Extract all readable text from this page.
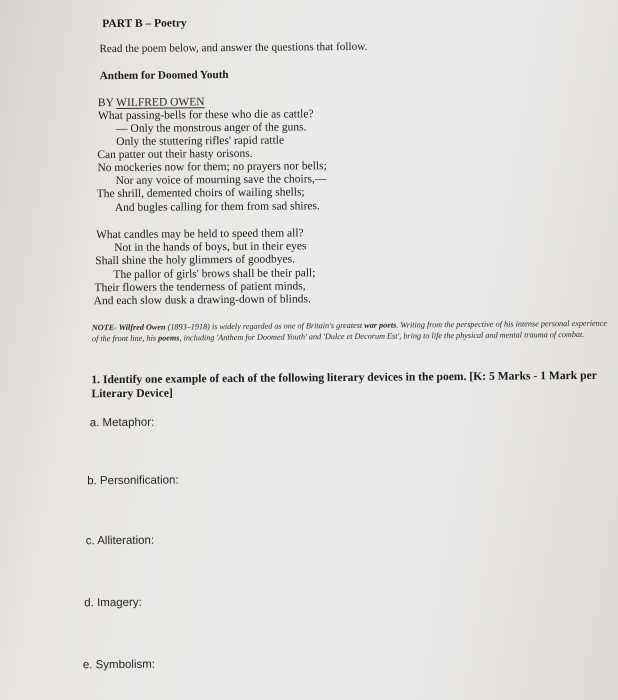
PART B – Poetry
Read the poem below, and answer the questions that follow.
Anthem for Doomed Youth
BY WILFRED OWEN
What passing-bells for these who die as cattle?
— Only the monstrous anger of the guns.
Only the stuttering rifles' rapid rattle
Can patter out their hasty orisons.
No mockeries now for them; no prayers nor bells;
Nor any voice of mourning save the choirs,—
The shrill, demented choirs of wailing shells;
And bugles calling for them from sad shires.
What candles may be held to speed them all?
Not in the hands of boys, but in their eyes
Shall shine the holy glimmers of goodbyes.
The pallor of girls' brows shall be their pall;
Their flowers the tenderness of patient minds,
And each slow dusk a drawing-down of blinds.
NOTE- Wilfred Owen (1893–1918) is widely regarded as one of Britain's greatest war poets. Writing from the perspective of his intense personal experience of the front line, his poems, including 'Anthem for Doomed Youth' and 'Dulce et Decorum Est', bring to life the physical and mental trauma of combat.
1. Identify one example of each of the following literary devices in the poem. [K: 5 Marks - 1 Mark per Literary Device]
a. Metaphor:
b. Personification:
c. Alliteration:
d. Imagery:
e. Symbolism:
